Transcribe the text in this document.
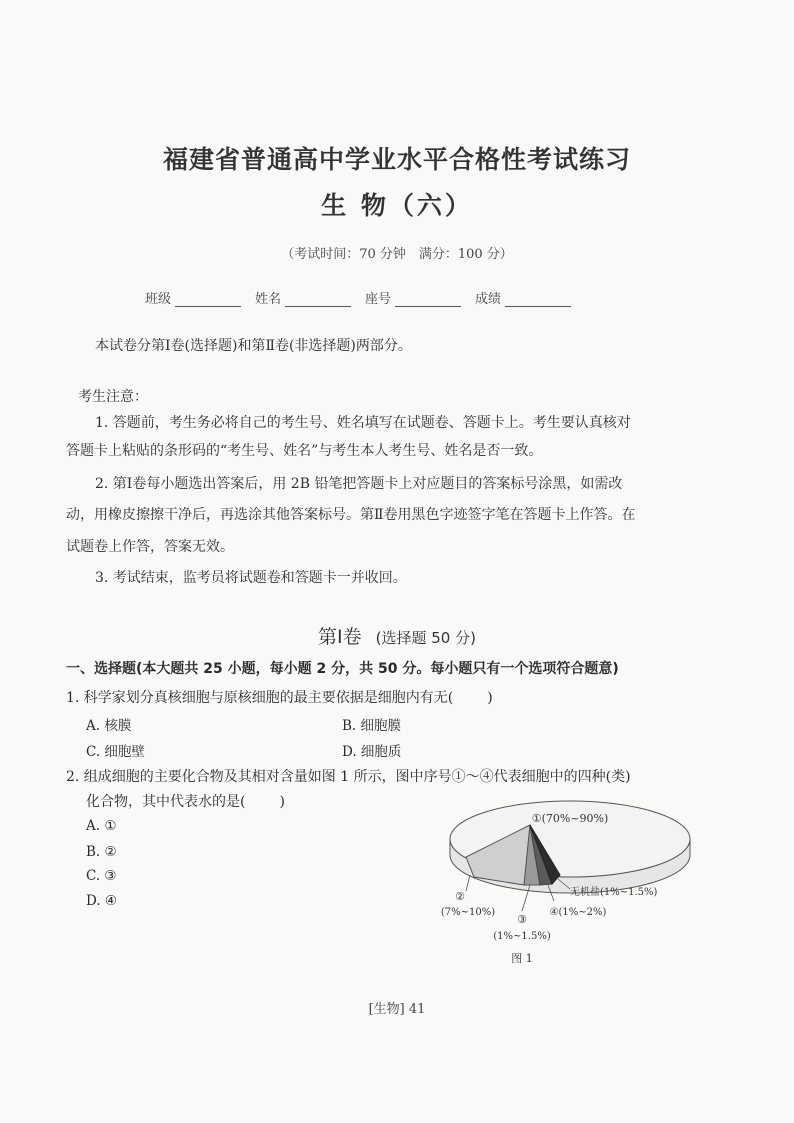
福建省普通高中学业水平合格性考试练习
生 物（六）
（考试时间：70 分钟　满分：100 分）
班级	姓名	座号	成绩
本试卷分第Ⅰ卷(选择题)和第Ⅱ卷(非选择题)两部分。
考生注意：
1. 答题前，考生务必将自己的考生号、姓名填写在试题卷、答题卡上。考生要认真核对
答题卡上粘贴的条形码的“考生号、姓名”与考生本人考生号、姓名是否一致。
2. 第Ⅰ卷每小题选出答案后，用 2B 铅笔把答题卡上对应题目的答案标号涂黑，如需改
动，用橡皮擦擦干净后，再选涂其他答案标号。第Ⅱ卷用黑色字迹签字笔在答题卡上作答。在
试题卷上作答，答案无效。
3. 考试结束，监考员将试题卷和答题卡一并收回。
第Ⅰ卷 (选择题 50 分)
一、选择题(本大题共 25 小题，每小题 2 分，共 50 分。每小题只有一个选项符合题意)
1. 科学家划分真核细胞与原核细胞的最主要依据是细胞内有无( )
A. 核膜	B. 细胞膜
C. 细胞壁	D. 细胞质
2. 组成细胞的主要化合物及其相对含量如图 1 所示，图中序号①～④代表细胞中的四种(类)
化合物，其中代表水的是( )
A. ①
B. ②
C. ③
D. ④
①(70%~90%)
②
(7%~10%)
③
(1%~1.5%)
④(1%~2%)
无机盐(1%~1.5%)
图 1
[生物] 41
